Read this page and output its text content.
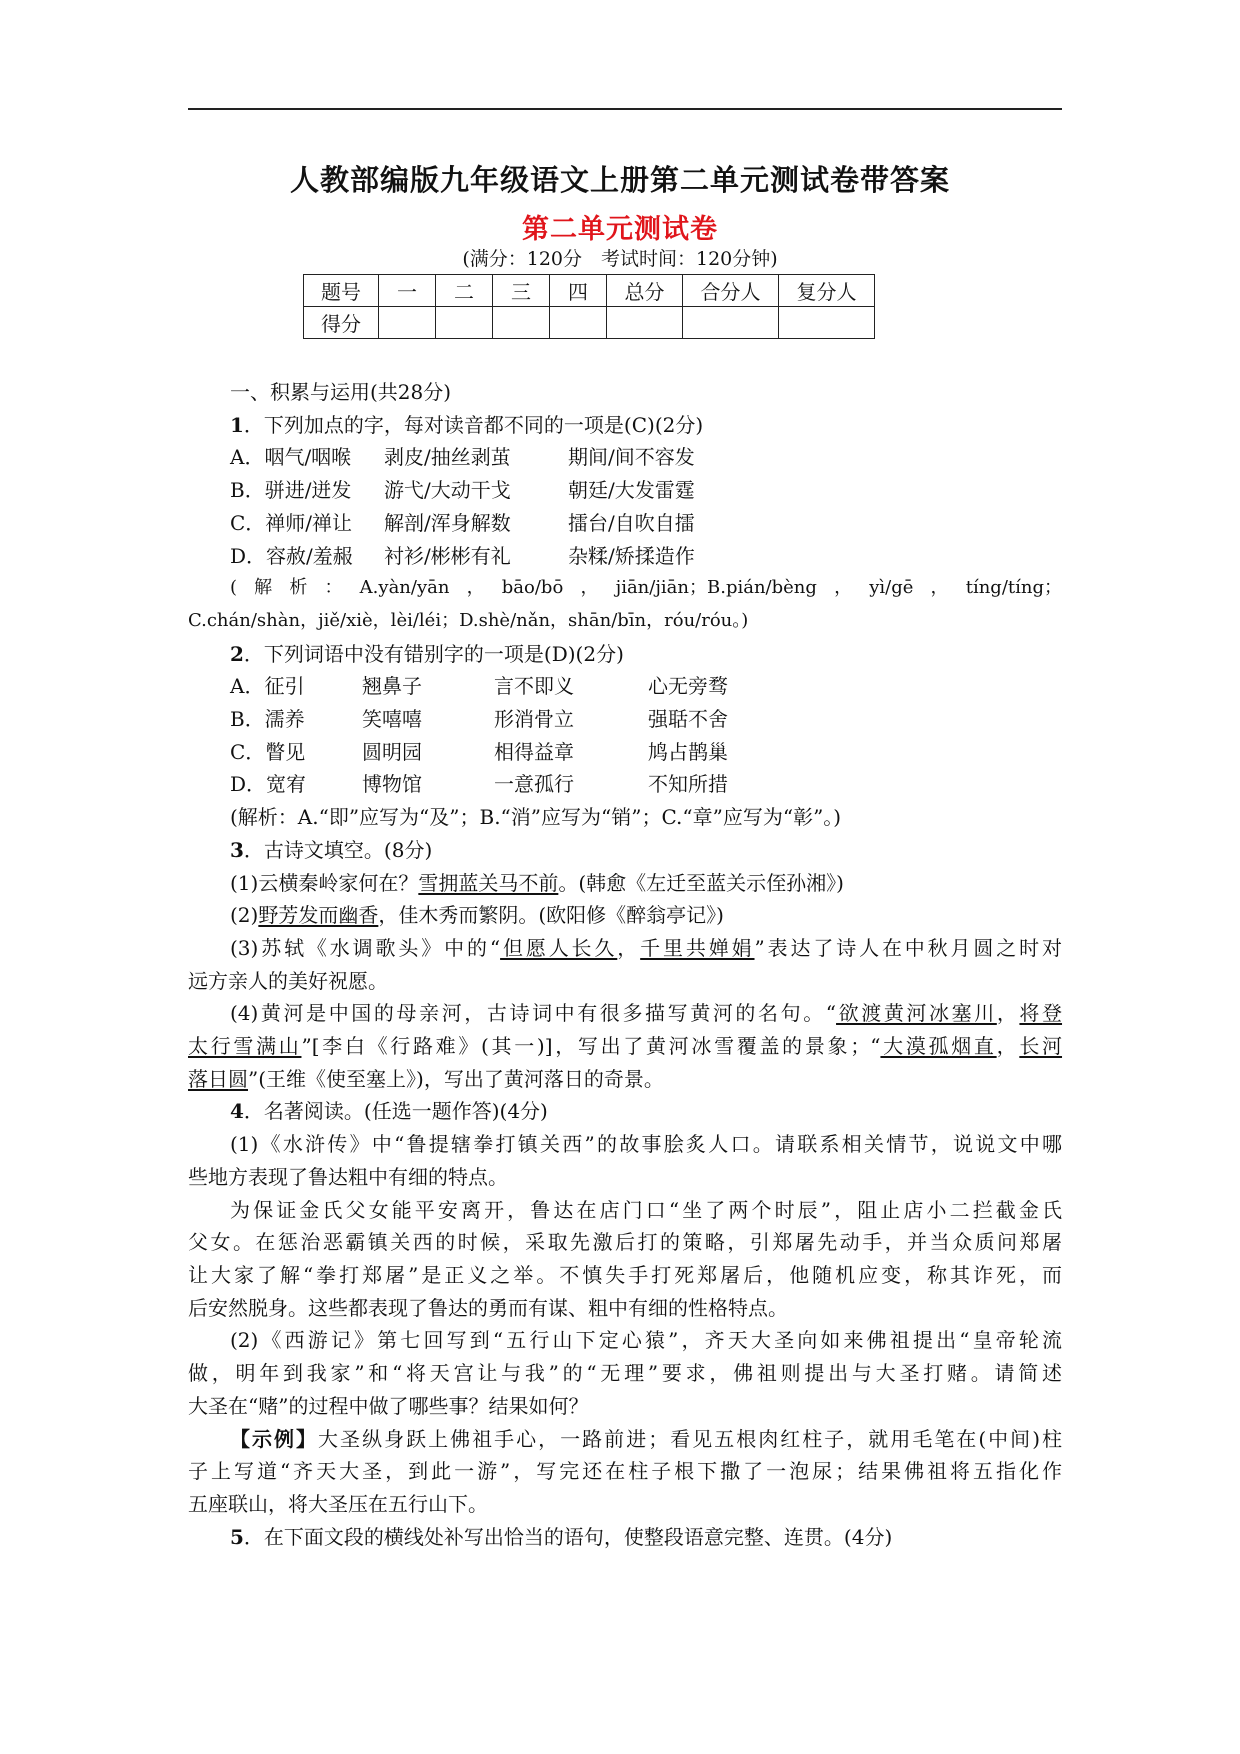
人教部编版九年级语文上册第二单元测试卷带答案
第二单元测试卷
(满分：120分　考试时间：120分钟)
题号	一	二	三	四	总分	合分人	复分人
得分							
一、积累与运用(共28分)
1．下列加点的字，每对读音都不同的一项是(C)(2分)
A．咽气/咽喉	剥皮/抽丝剥茧	期间/间不容发
B．骈进/迸发	游弋/大动干戈	朝廷/大发雷霆
C．禅师/禅让	解剖/浑身解数	擂台/自吹自擂
D．容赦/羞赧	衬衫/彬彬有礼	杂糅/矫揉造作
(解析：A.yàn/yān，bāo/bō，jiān/jiān；B.pián/bèng，yì/gē，tíng/tíng；
C.chán/shàn，jiě/xiè，lèi/léi；D.shè/nǎn，shān/bīn，róu/róu。)
2．下列词语中没有错别字的一项是(D)(2分)
A．征引	翘鼻子	言不即义	心无旁骛
B．濡养	笑嘻嘻	形消骨立	强聒不舍
C．瞥见	圆明园	相得益章	鸠占鹊巢
D．宽宥	博物馆	一意孤行	不知所措
(解析：A.“即”应写为“及”；B.“消”应写为“销”；C.“章”应写为“彰”。)
3．古诗文填空。(8分)
(1)云横秦岭家何在？雪拥蓝关马不前。(韩愈《左迁至蓝关示侄孙湘》)
(2)野芳发而幽香，佳木秀而繁阴。(欧阳修《醉翁亭记》)
(3)苏轼《水调歌头》中的“但愿人长久，千里共婵娟”表达了诗人在中秋月圆之时对
远方亲人的美好祝愿。
(4)黄河是中国的母亲河，古诗词中有很多描写黄河的名句。“欲渡黄河冰塞川，将登
太行雪满山”[李白《行路难》(其一)]，写出了黄河冰雪覆盖的景象；“大漠孤烟直，长河
落日圆”(王维《使至塞上》)，写出了黄河落日的奇景。
4．名著阅读。(任选一题作答)(4分)
(1)《水浒传》中“鲁提辖拳打镇关西”的故事脍炙人口。请联系相关情节，说说文中哪
些地方表现了鲁达粗中有细的特点。
为保证金氏父女能平安离开，鲁达在店门口“坐了两个时辰”，阻止店小二拦截金氏
父女。在惩治恶霸镇关西的时候，采取先激后打的策略，引郑屠先动手，并当众质问郑屠
让大家了解“拳打郑屠”是正义之举。不慎失手打死郑屠后，他随机应变，称其诈死，而
后安然脱身。这些都表现了鲁达的勇而有谋、粗中有细的性格特点。
(2)《西游记》第七回写到“五行山下定心猿”，齐天大圣向如来佛祖提出“皇帝轮流
做，明年到我家”和“将天宫让与我”的“无理”要求，佛祖则提出与大圣打赌。请简述
大圣在“赌”的过程中做了哪些事？结果如何？
【示例】大圣纵身跃上佛祖手心，一路前进；看见五根肉红柱子，就用毛笔在(中间)柱
子上写道“齐天大圣，到此一游”，写完还在柱子根下撒了一泡尿；结果佛祖将五指化作
五座联山，将大圣压在五行山下。
5．在下面文段的横线处补写出恰当的语句，使整段语意完整、连贯。(4分)
